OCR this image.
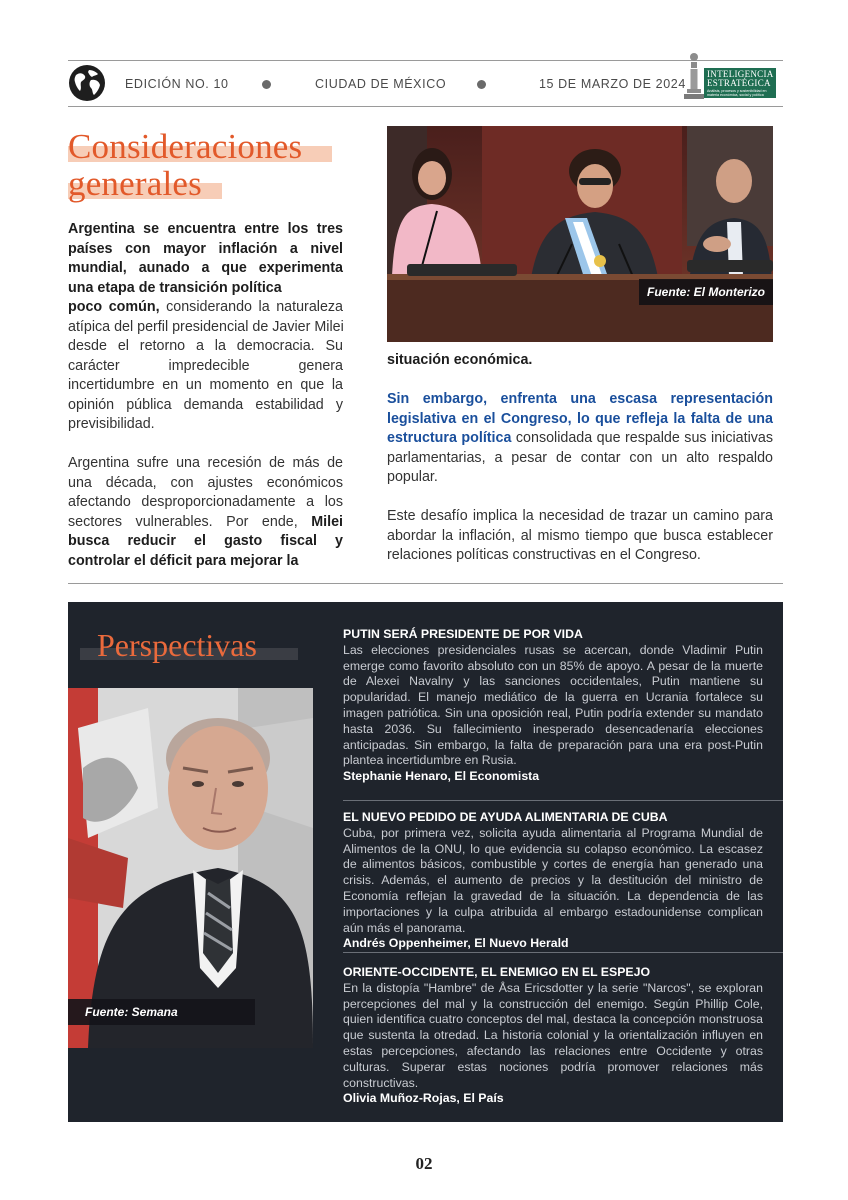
EDICIÓN NO. 10	CIUDAD DE MÉXICO	15 DE MARZO DE 2024
INTELIGENCIA
ESTRATÉGICA
Análisis, procesos y sostenibilidad en materia económica, social y política
Consideraciones
generales
Argentina se encuentra entre los tres
países con mayor inflación a nivel
mundial, aunado a que experimenta
una etapa de transición política
poco común, considerando la naturaleza
atípica del perfil presidencial de Javier Milei
desde el retorno a la democracia. Su
carácter impredecible genera
incertidumbre en un momento en que la
opinión pública demanda estabilidad y
previsibilidad.
Argentina sufre una recesión de más de
una década, con ajustes económicos
afectando desproporcionadamente a los
sectores vulnerables. Por ende, Milei
busca reducir el gasto fiscal y
controlar el déficit para mejorar la
Fuente: El Monterizo
situación económica.
Sin embargo, enfrenta una escasa representación legislativa en el Congreso, lo que refleja la falta de una estructura política consolidada que respalde sus iniciativas parlamentarias, a pesar de contar con un alto respaldo popular.
Este desafío implica la necesidad de trazar un camino para abordar la inflación, al mismo tiempo que busca establecer relaciones políticas constructivas en el Congreso.
Perspectivas
Fuente: Semana
PUTIN SERÁ PRESIDENTE DE POR VIDA
Las elecciones presidenciales rusas se acercan, donde Vladimir Putin emerge como favorito absoluto con un 85% de apoyo. A pesar de la muerte de Alexei Navalny y las sanciones occidentales, Putin mantiene su popularidad. El manejo mediático de la guerra en Ucrania fortalece su imagen patriótica. Sin una oposición real, Putin podría extender su mandato hasta 2036. Su fallecimiento inesperado desencadenaría elecciones anticipadas. Sin embargo, la falta de preparación para una era post-Putin plantea incertidumbre en Rusia.
Stephanie Henaro, El Economista
EL NUEVO PEDIDO DE AYUDA ALIMENTARIA DE CUBA
Cuba, por primera vez, solicita ayuda alimentaria al Programa Mundial de Alimentos de la ONU, lo que evidencia su colapso económico. La escasez de alimentos básicos, combustible y cortes de energía han generado una crisis. Además, el aumento de precios y la destitución del ministro de Economía reflejan la gravedad de la situación. La dependencia de las importaciones y la culpa atribuida al embargo estadounidense complican aún más el panorama.
Andrés Oppenheimer, El Nuevo Herald
ORIENTE-OCCIDENTE, EL ENEMIGO EN EL ESPEJO
En la distopía "Hambre" de Åsa Ericsdotter y la serie "Narcos", se exploran percepciones del mal y la construcción del enemigo. Según Phillip Cole, quien identifica cuatro conceptos del mal, destaca la concepción monstruosa que sustenta la otredad. La historia colonial y la orientalización influyen en estas percepciones, afectando las relaciones entre Occidente y otras culturas. Superar estas nociones podría promover relaciones más constructivas.
Olivia Muñoz-Rojas, El País
02
